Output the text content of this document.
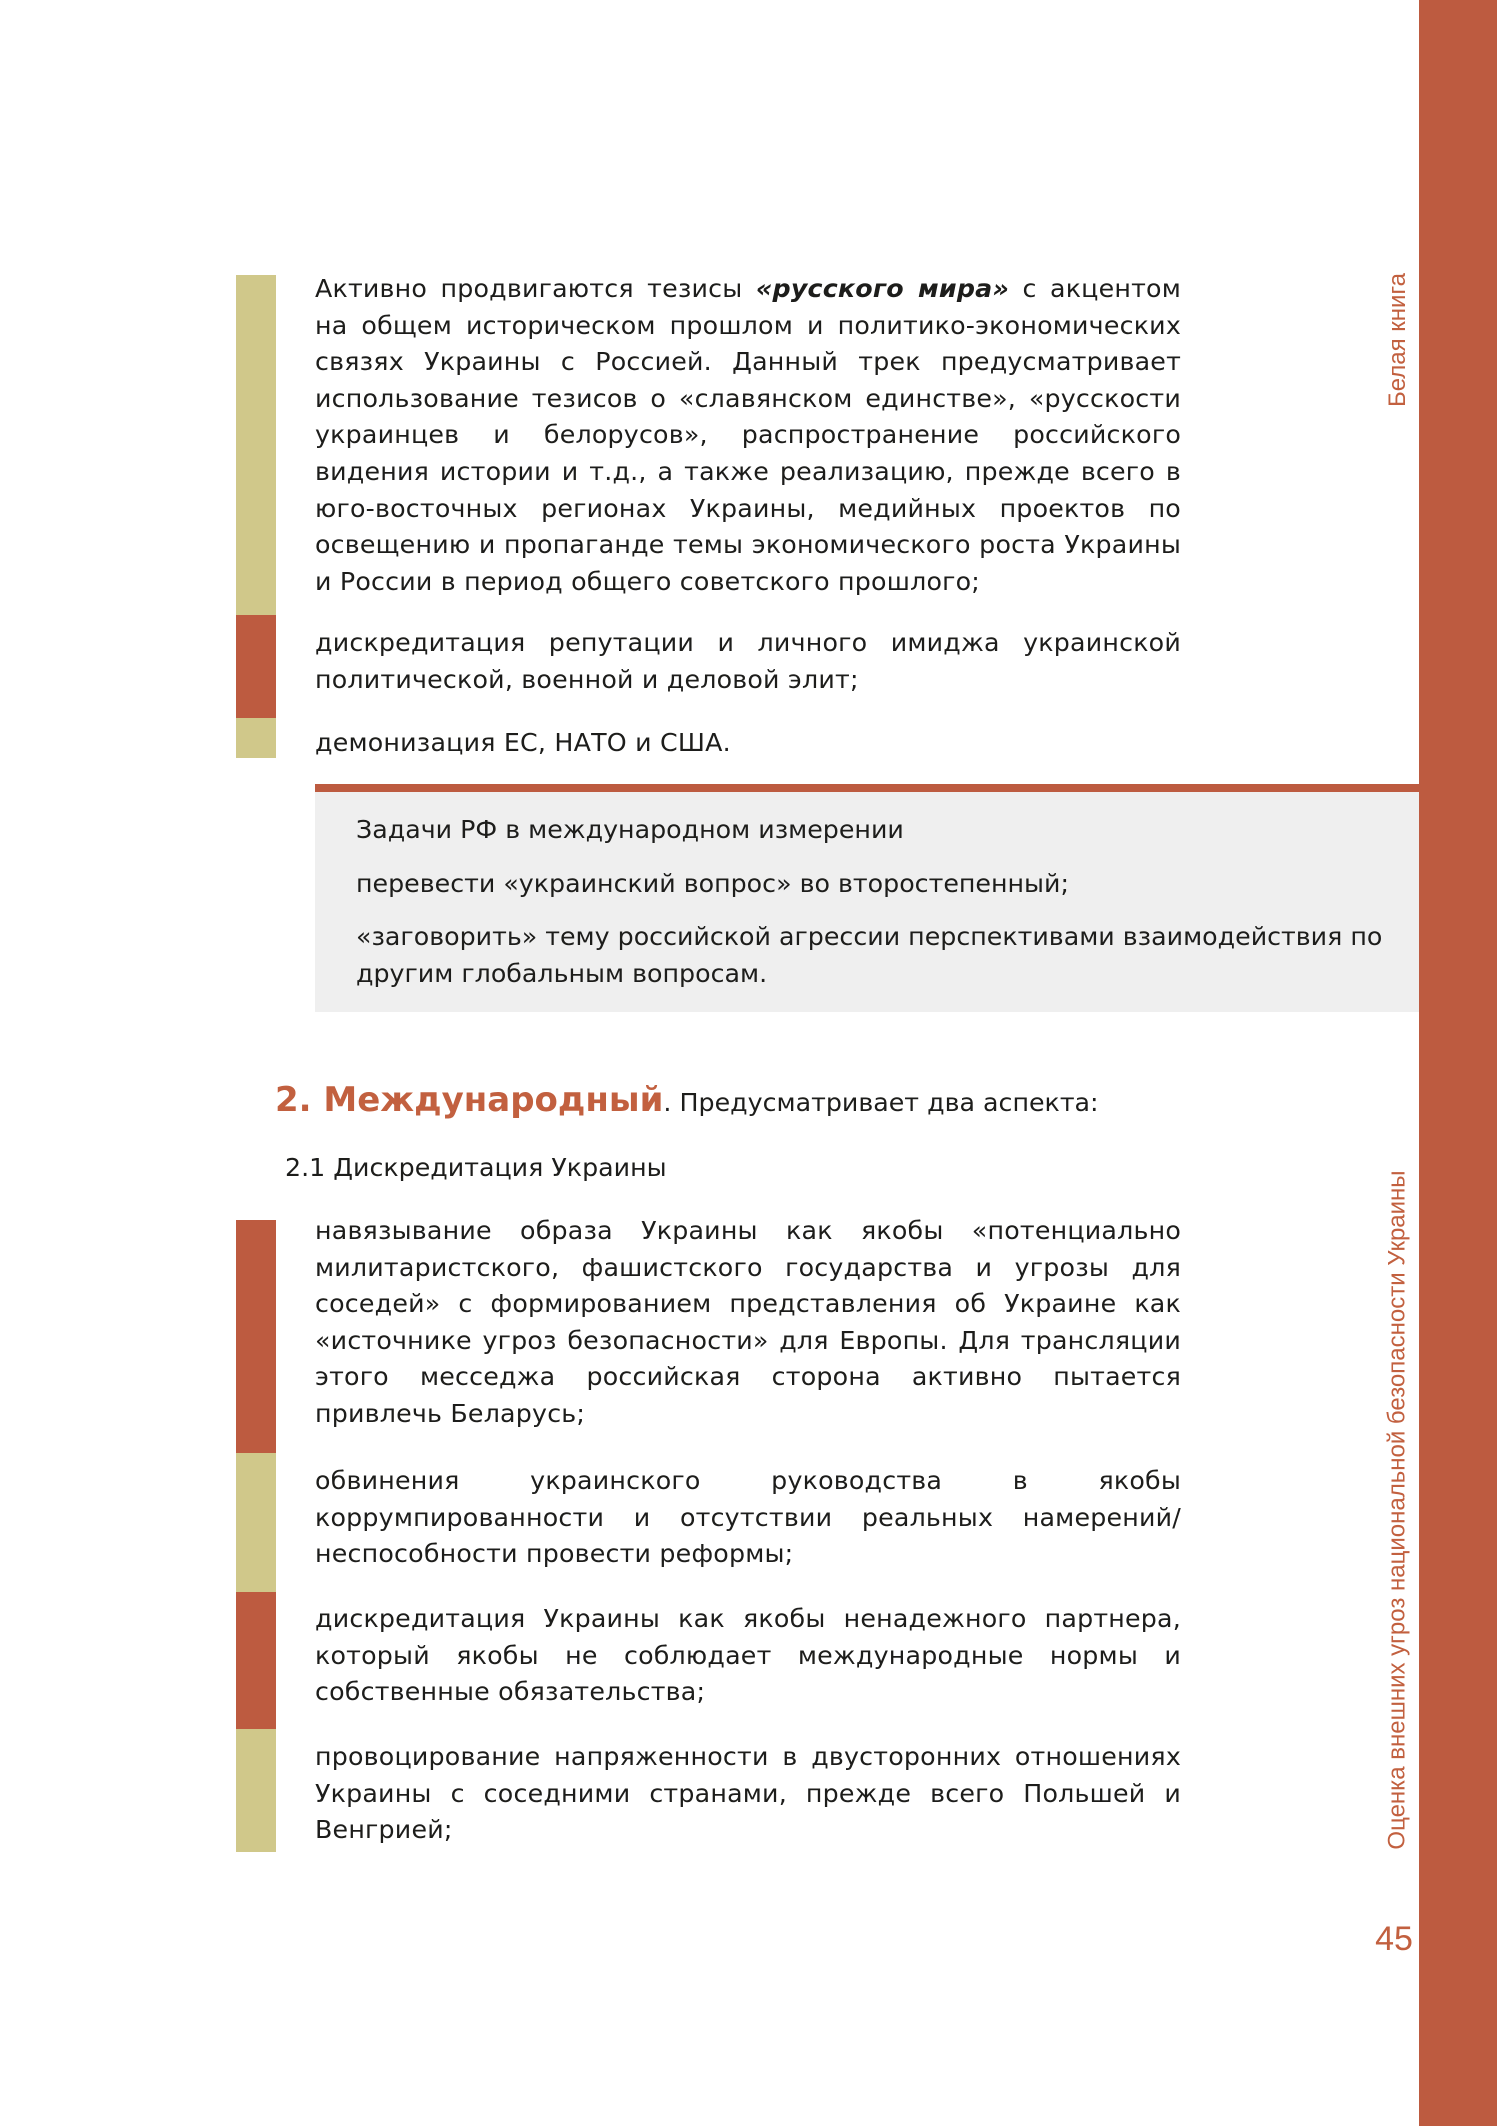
Белая книга
Оценка внешних угроз национальной безопасности Украины
45

Активно продвигаются тезисы «русского мира» с акцентом на общем историческом прошлом и политико-экономических связях Украины с Россией. Данный трек предусматривает использование тезисов о «славянском единстве», «русскости украинцев и белорусов», распространение российского видения истории и т.д., а также реализацию, прежде всего в юго-восточных регионах Украины, медийных проектов по освещению и пропаганде темы экономического роста Украины и России в период общего советского прошлого;

дискредитация репутации и личного имиджа украинской политической, военной и деловой элит;

демонизация ЕС, НАТО и США.

Задачи РФ в международном измерении

перевести «украинский вопрос» во второстепенный;

«заговорить» тему российской агрессии перспективами взаимодействия по другим глобальным вопросам.

2. Международный. Предусматривает два аспекта:

2.1 Дискредитация Украины

навязывание образа Украины как якобы «потенциально милитаристского, фашистского государства и угрозы для соседей» с формированием представления об Украине как «источнике угроз безопасности» для Европы. Для трансляции этого месседжа российская сторона активно пытается привлечь Беларусь;

обвинения украинского руководства в якобы коррумпированности и отсутствии реальных намерений/неспособности провести реформы;

дискредитация Украины как якобы ненадежного партнера, который якобы не соблюдает международные нормы и собственные обязательства;

провоцирование напряженности в двусторонних отношениях Украины с соседними странами, прежде всего Польшей и Венгрией;
